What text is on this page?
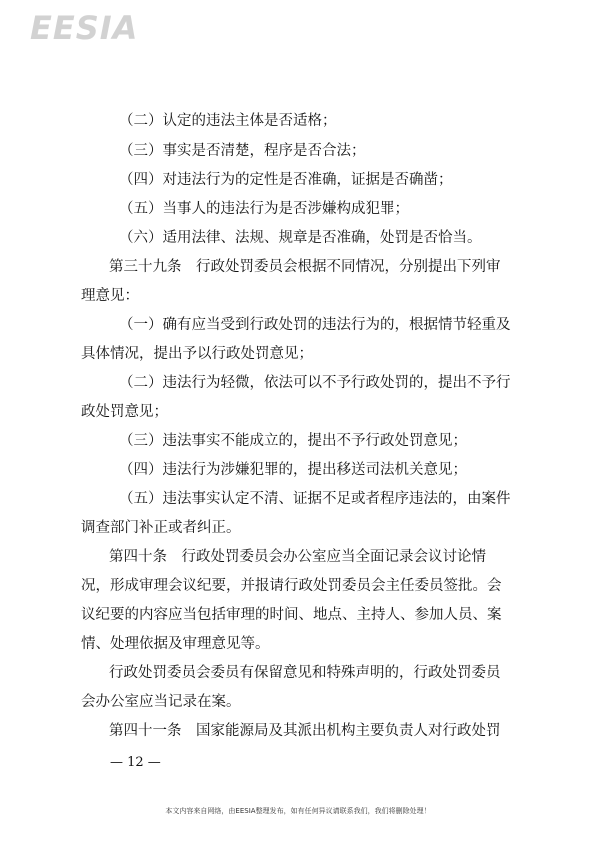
EESIA

（二）认定的违法主体是否适格；

（三）事实是否清楚，程序是否合法；

（四）对违法行为的定性是否准确，证据是否确凿；

（五）当事人的违法行为是否涉嫌构成犯罪；

（六）适用法律、法规、规章是否准确，处罚是否恰当。

第三十九条　行政处罚委员会根据不同情况，分别提出下列审

理意见：

（一）确有应当受到行政处罚的违法行为的，根据情节轻重及

具体情况，提出予以行政处罚意见；

（二）违法行为轻微，依法可以不予行政处罚的，提出不予行

政处罚意见；

（三）违法事实不能成立的，提出不予行政处罚意见；

（四）违法行为涉嫌犯罪的，提出移送司法机关意见；

（五）违法事实认定不清、证据不足或者程序违法的，由案件

调查部门补正或者纠正。

第四十条　行政处罚委员会办公室应当全面记录会议讨论情

况，形成审理会议纪要，并报请行政处罚委员会主任委员签批。会

议纪要的内容应当包括审理的时间、地点、主持人、参加人员、案

情、处理依据及审理意见等。

行政处罚委员会委员有保留意见和特殊声明的，行政处罚委员

会办公室应当记录在案。

第四十一条　国家能源局及其派出机构主要负责人对行政处罚

— 12 —
本文内容来自网络，由EESIA整理发布，如有任何异议请联系我们，我们将删除处理！
